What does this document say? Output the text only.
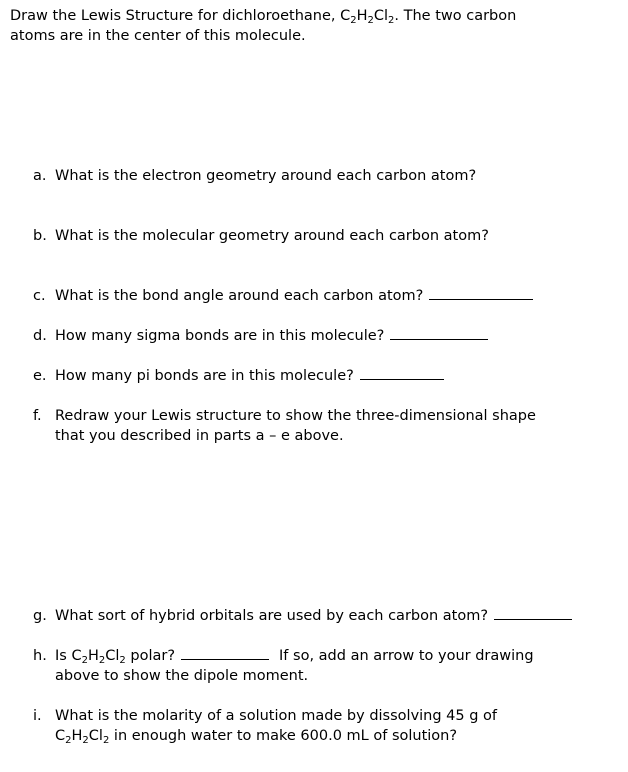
Draw the Lewis Structure for dichloroethane, $C_2H_2Cl_2$. The two carbon
atoms are in the center of this molecule.
a. What is the electron geometry around each carbon atom?
b. What is the molecular geometry around each carbon atom?
c. What is the bond angle around each carbon atom?
d. How many sigma bonds are in this molecule?
e. How many pi bonds are in this molecule?
f. Redraw your Lewis structure to show the three-dimensional shape
that you described in parts a – e above.
g. What sort of hybrid orbitals are used by each carbon atom?
h. Is $C_2H_2Cl_2$ polar?	If so, add an arrow to your drawing
above to show the dipole moment.
i. What is the molarity of a solution made by dissolving 45 g of
$C_2H_2Cl_2$ in enough water to make 600.0 mL of solution?
